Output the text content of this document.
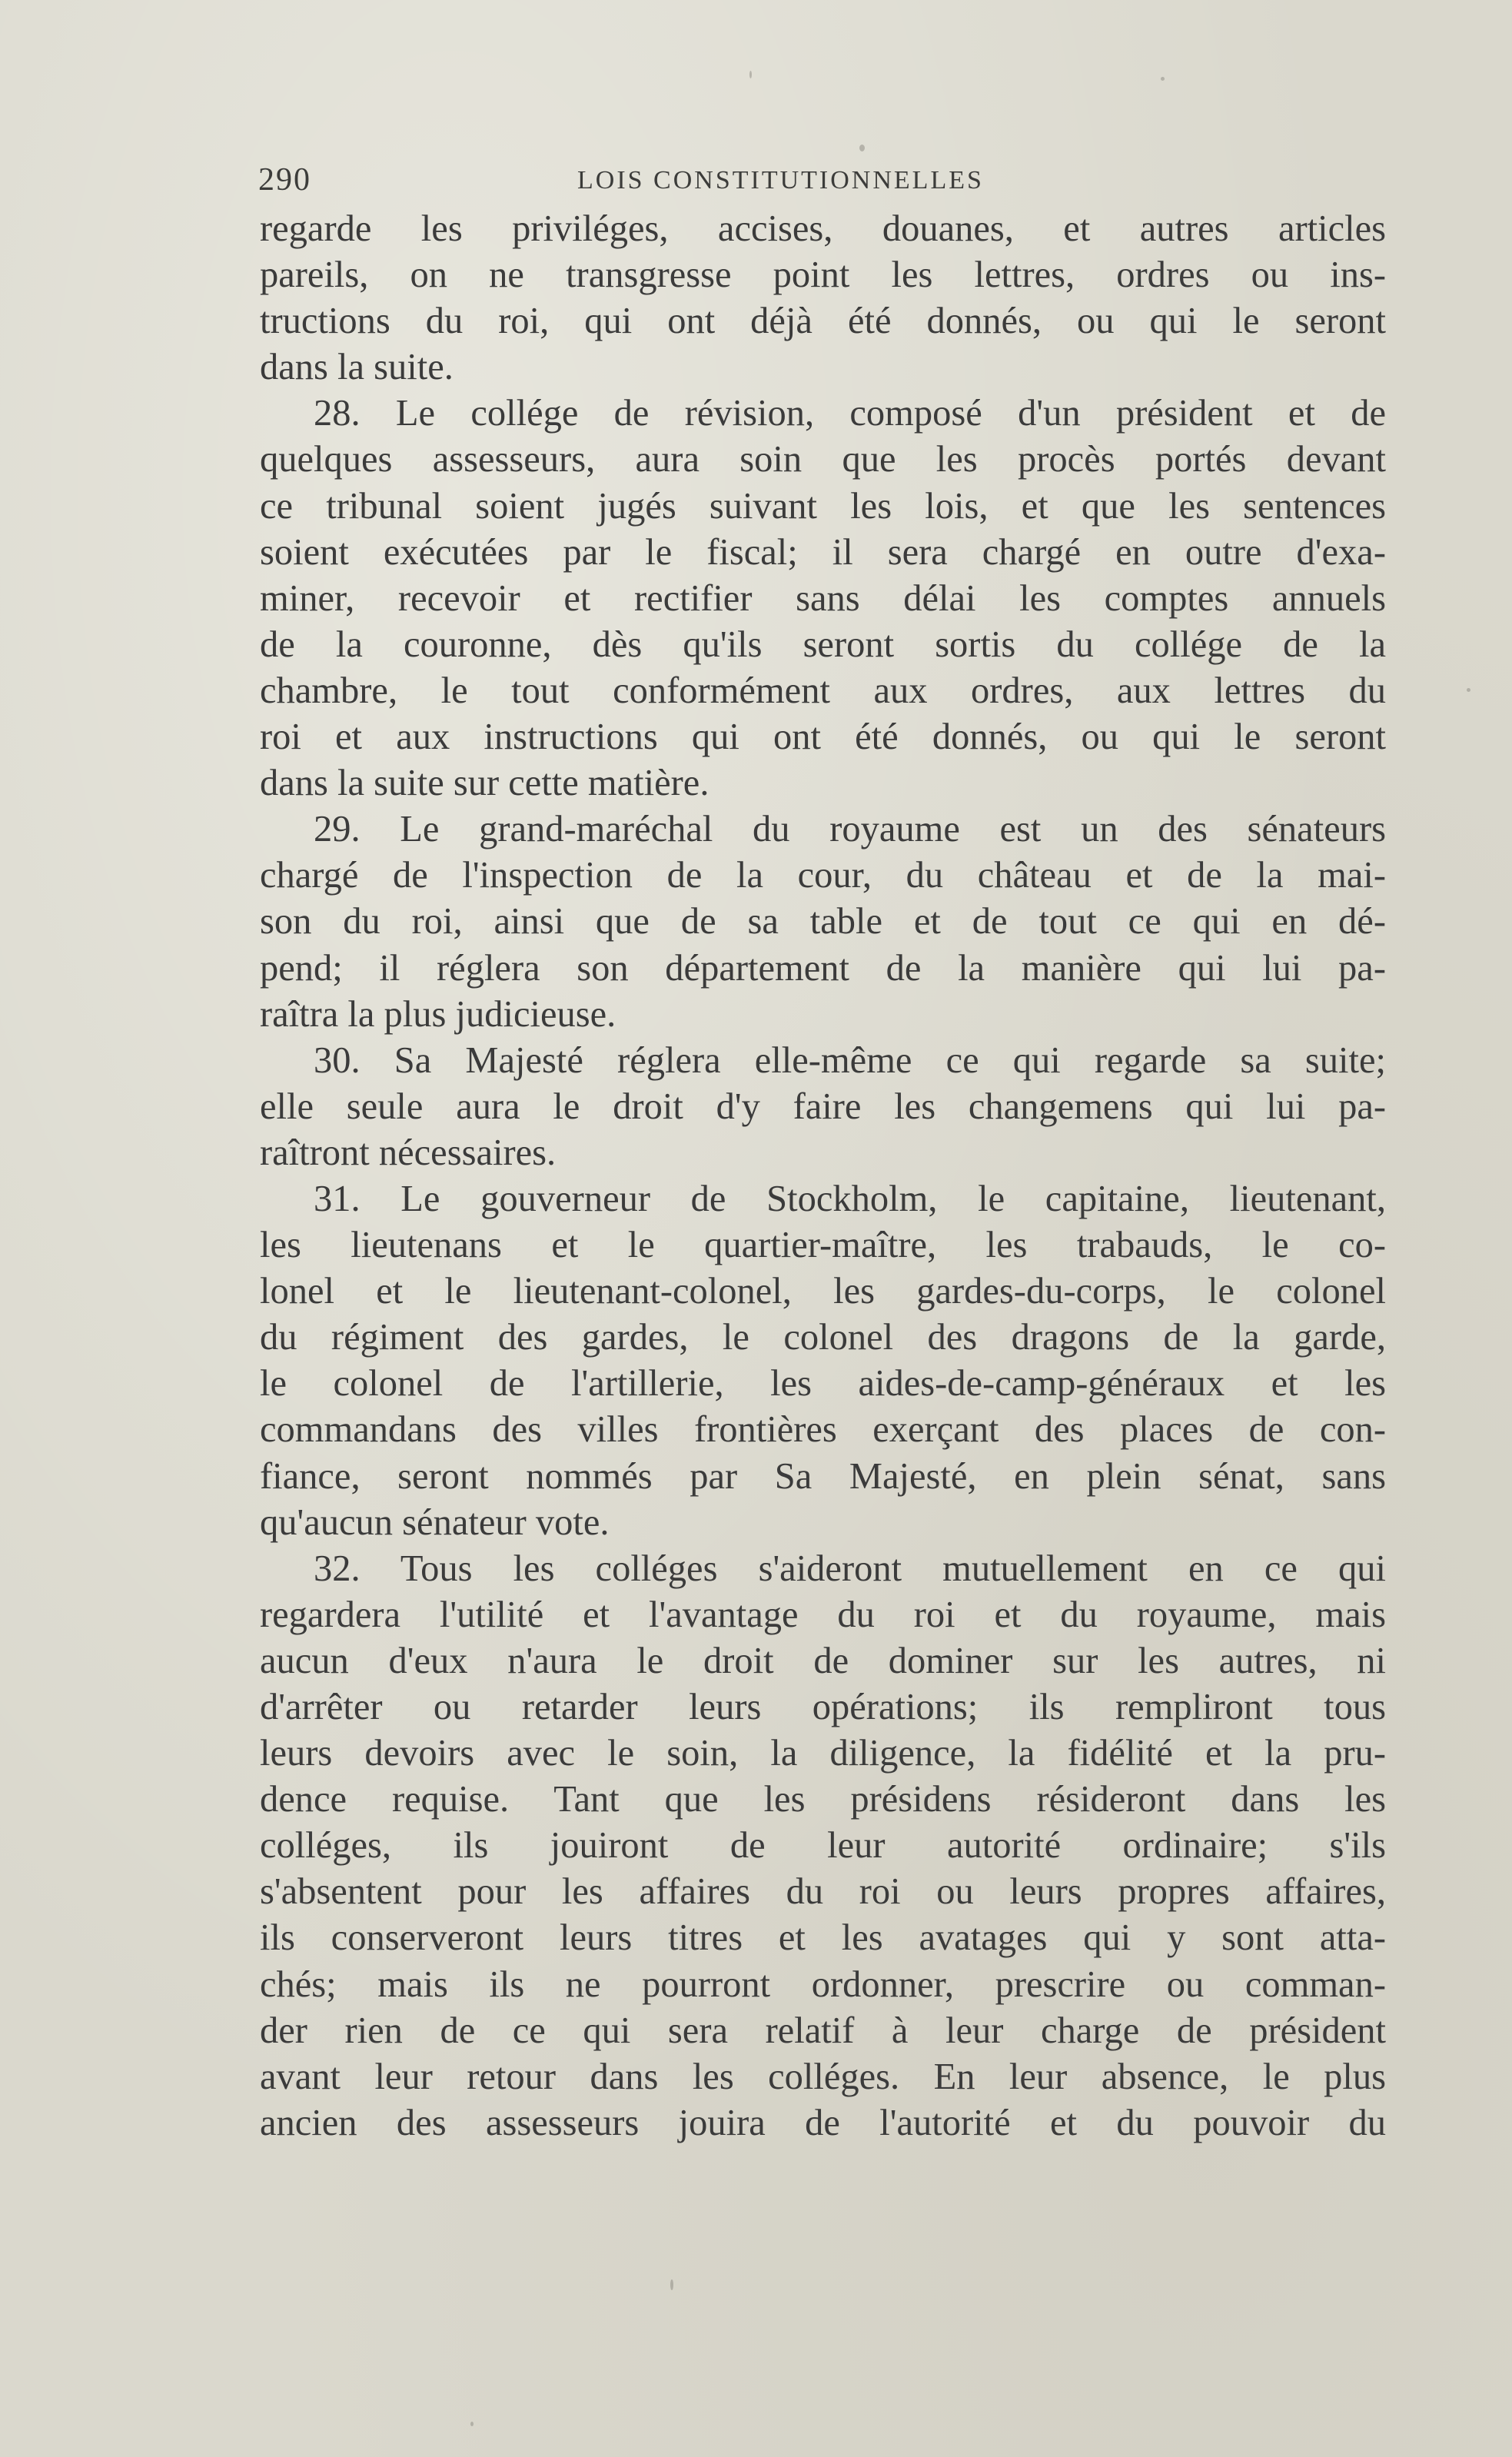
290	LOIS CONSTITUTIONNELLES
regarde les priviléges, accises, douanes, et autres articles
pareils, on ne transgresse point les lettres, ordres ou ins-
tructions du roi, qui ont déjà été donnés, ou qui le seront
dans la suite.
28. Le collége de révision, composé d'un président et de
quelques assesseurs, aura soin que les procès portés devant
ce tribunal soient jugés suivant les lois, et que les sentences
soient exécutées par le fiscal; il sera chargé en outre d'exa-
miner, recevoir et rectifier sans délai les comptes annuels
de la couronne, dès qu'ils seront sortis du collége de la
chambre, le tout conformément aux ordres, aux lettres du
roi et aux instructions qui ont été donnés, ou qui le seront
dans la suite sur cette matière.
29. Le grand-maréchal du royaume est un des sénateurs
chargé de l'inspection de la cour, du château et de la mai-
son du roi, ainsi que de sa table et de tout ce qui en dé-
pend; il réglera son département de la manière qui lui pa-
raîtra la plus judicieuse.
30. Sa Majesté réglera elle-même ce qui regarde sa suite;
elle seule aura le droit d'y faire les changemens qui lui pa-
raîtront nécessaires.
31. Le gouverneur de Stockholm, le capitaine, lieutenant,
les lieutenans et le quartier-maître, les trabauds, le co-
lonel et le lieutenant-colonel, les gardes-du-corps, le colonel
du régiment des gardes, le colonel des dragons de la garde,
le colonel de l'artillerie, les aides-de-camp-généraux et les
commandans des villes frontières exerçant des places de con-
fiance, seront nommés par Sa Majesté, en plein sénat, sans
qu'aucun sénateur vote.
32. Tous les colléges s'aideront mutuellement en ce qui
regardera l'utilité et l'avantage du roi et du royaume, mais
aucun d'eux n'aura le droit de dominer sur les autres, ni
d'arrêter ou retarder leurs opérations; ils rempliront tous
leurs devoirs avec le soin, la diligence, la fidélité et la pru-
dence requise. Tant que les présidens résideront dans les
colléges, ils jouiront de leur autorité ordinaire; s'ils
s'absentent pour les affaires du roi ou leurs propres affaires,
ils conserveront leurs titres et les avatages qui y sont atta-
chés; mais ils ne pourront ordonner, prescrire ou comman-
der rien de ce qui sera relatif à leur charge de président
avant leur retour dans les colléges. En leur absence, le plus
ancien des assesseurs jouira de l'autorité et du pouvoir du
